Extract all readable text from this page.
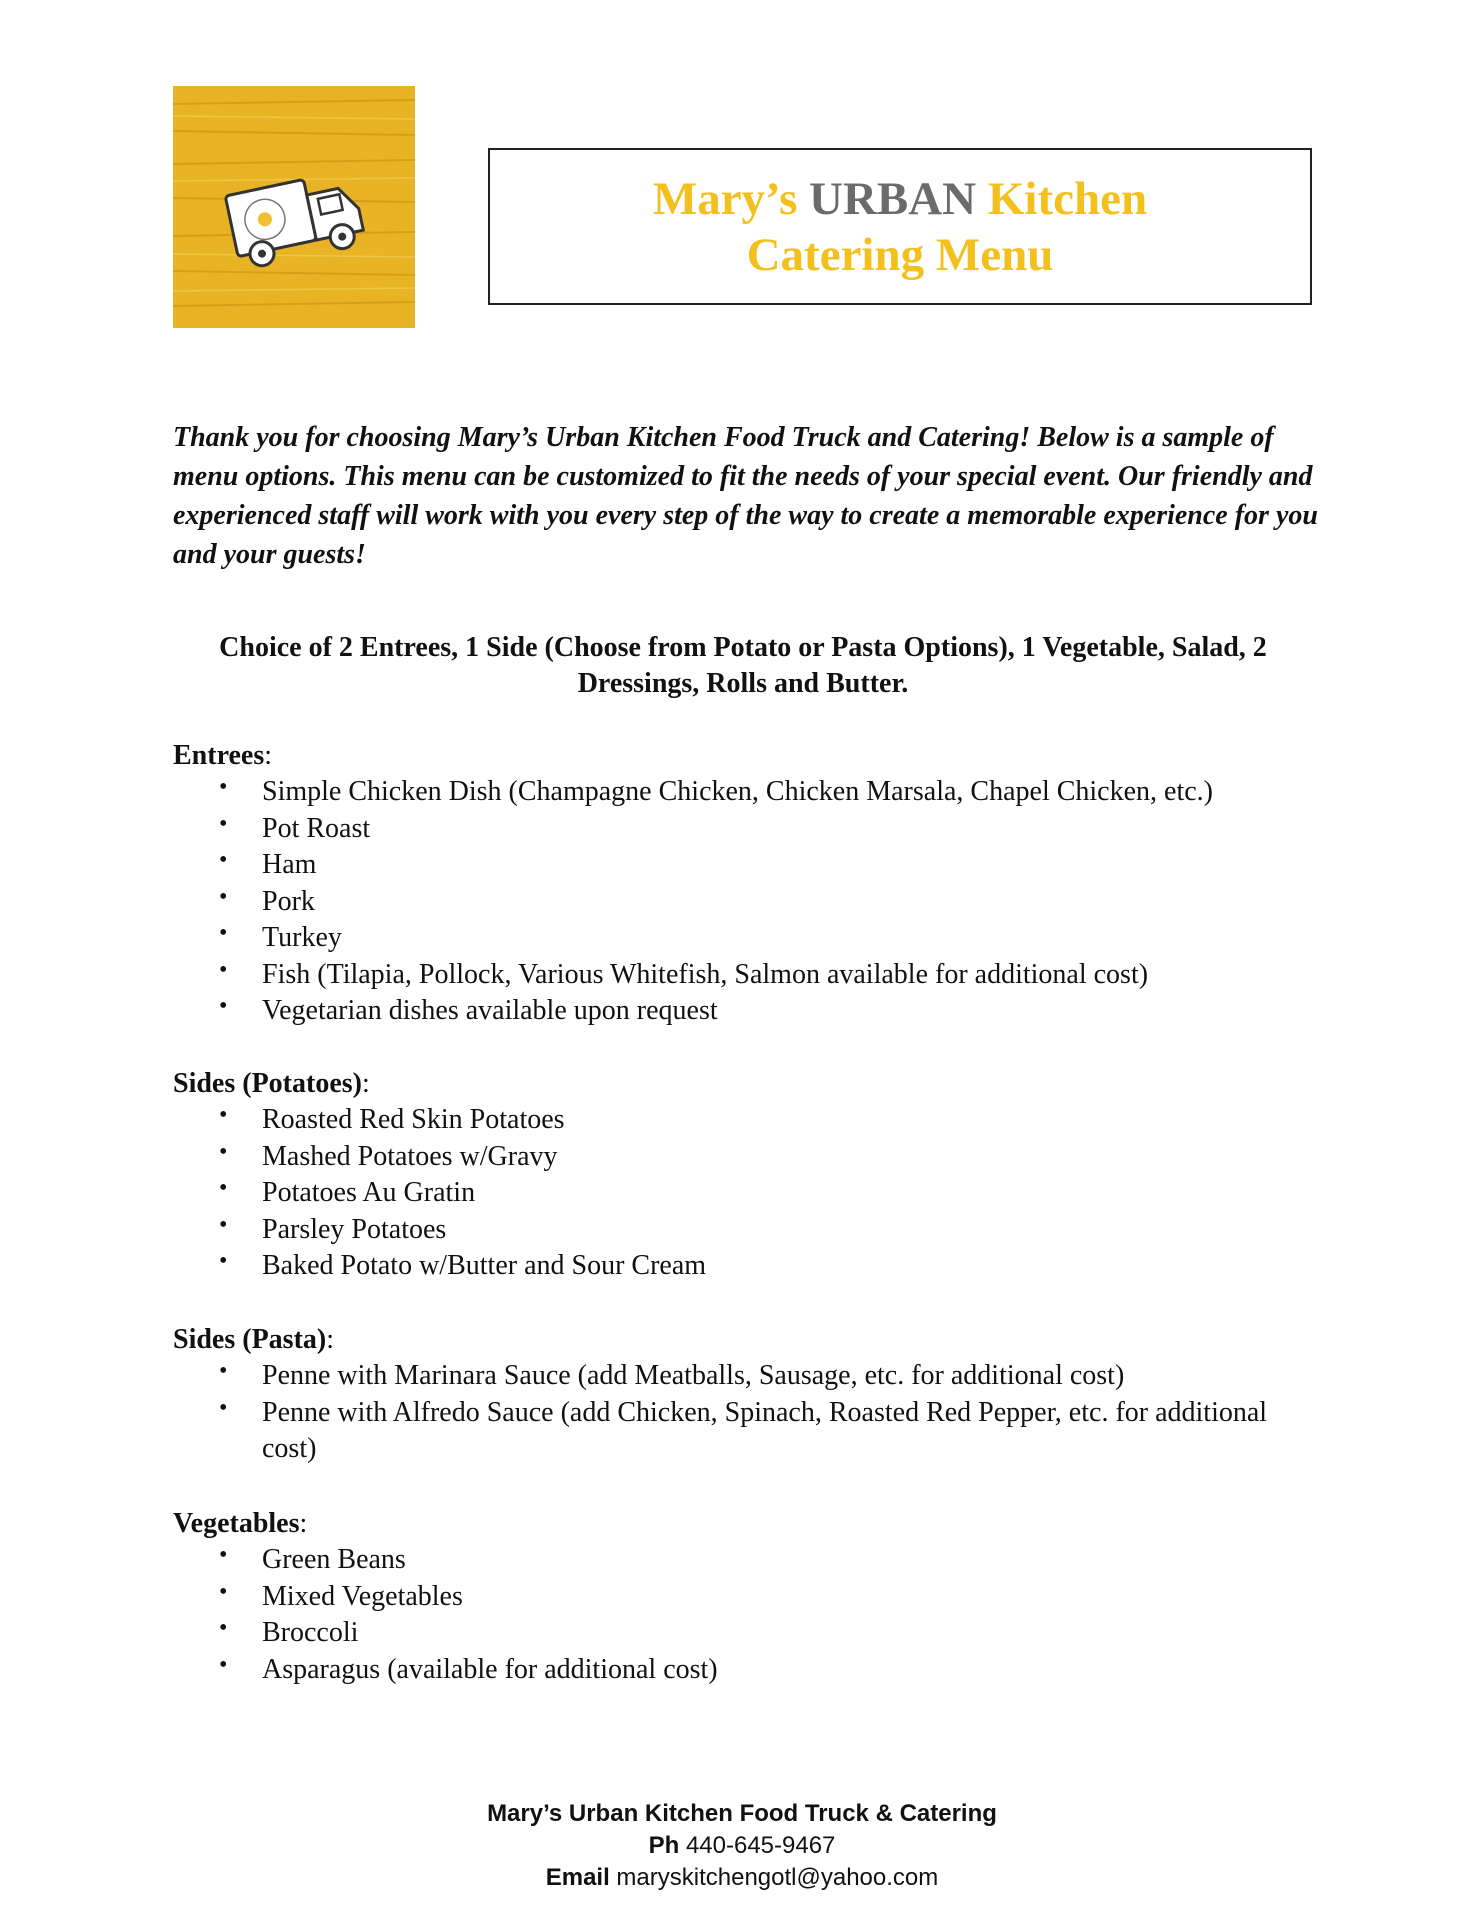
Mary’s URBAN Kitchen
Catering Menu

Thank you for choosing Mary’s Urban Kitchen Food Truck and Catering! Below is a sample of menu options. This menu can be customized to fit the needs of your special event. Our friendly and experienced staff will work with you every step of the way to create a memorable experience for you and your guests!

Choice of 2 Entrees, 1 Side (Choose from Potato or Pasta Options), 1 Vegetable, Salad, 2 Dressings, Rolls and Butter.

Entrees:
• Simple Chicken Dish (Champagne Chicken, Chicken Marsala, Chapel Chicken, etc.)
• Pot Roast
• Ham
• Pork
• Turkey
• Fish (Tilapia, Pollock, Various Whitefish, Salmon available for additional cost)
• Vegetarian dishes available upon request
Sides (Potatoes):
• Roasted Red Skin Potatoes
• Mashed Potatoes w/Gravy
• Potatoes Au Gratin
• Parsley Potatoes
• Baked Potato w/Butter and Sour Cream
Sides (Pasta):
• Penne with Marinara Sauce (add Meatballs, Sausage, etc. for additional cost)
• Penne with Alfredo Sauce (add Chicken, Spinach, Roasted Red Pepper, etc. for additional cost)
Vegetables:
• Green Beans
• Mixed Vegetables
• Broccoli
• Asparagus (available for additional cost)
Mary’s Urban Kitchen Food Truck & Catering
Ph 440-645-9467
Email maryskitchengotl@yahoo.com
